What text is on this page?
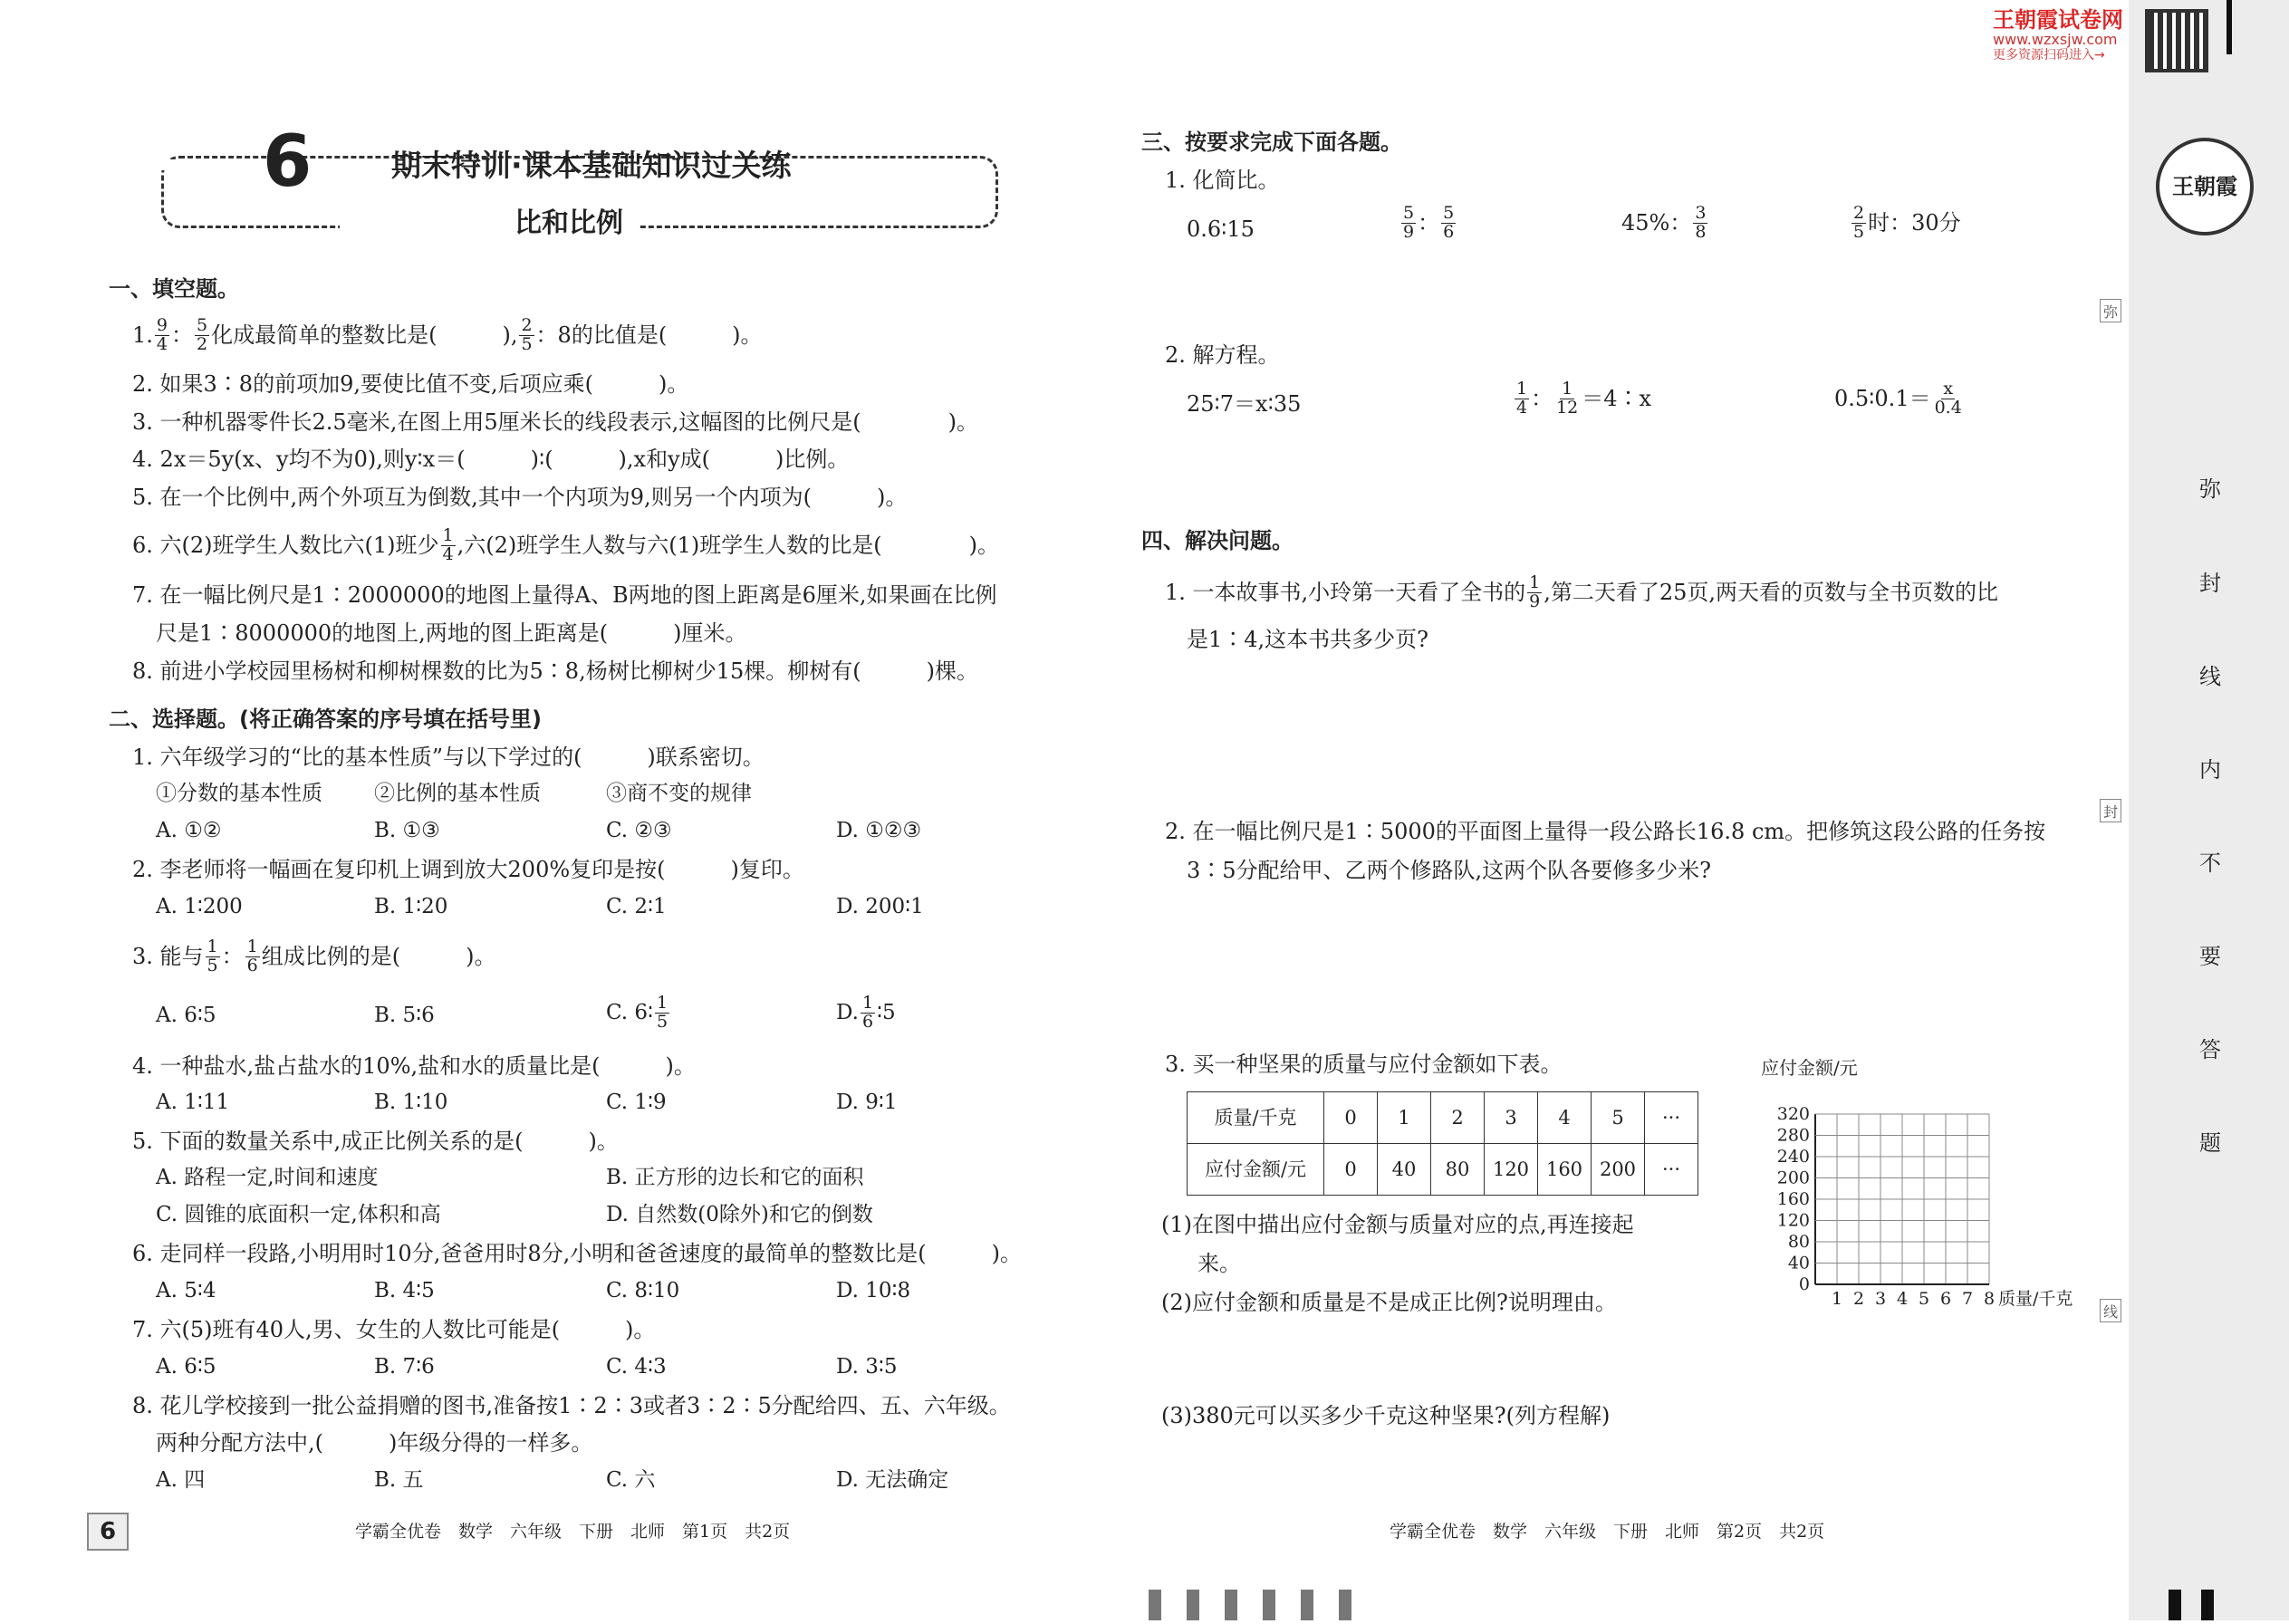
王朝霞试卷网
www.wzxsjw.com
更多资源扫码进入→
王朝霞
弥
封
线
内
不
要
答
题
弥
封
线
6	期末特训·课本基础知识过关练
比和比例
一、填空题。
1. 9
4 ： 5
2 化成最简单的整数比是(　　　), 2
5 ：8的比值是(　　　)。
2. 如果3∶8的前项加9,要使比值不变,后项应乘(　　　)。
3. 一种机器零件长2.5毫米,在图上用5厘米长的线段表示,这幅图的比例尺是(　　　　)。
4. 2x＝5y(x、y均不为0),则y∶x＝(　　　)∶(　　　),x和y成(　　　)比例。
5. 在一个比例中,两个外项互为倒数,其中一个内项为9,则另一个内项为(　　　)。
6. 六(2)班学生人数比六(1)班少 1
4 ,六(2)班学生人数与六(1)班学生人数的比是(　　　　)。
7. 在一幅比例尺是1∶2000000的地图上量得A、B两地的图上距离是6厘米,如果画在比例
尺是1∶8000000的地图上,两地的图上距离是(　　　)厘米。
8. 前进小学校园里杨树和柳树棵数的比为5∶8,杨树比柳树少15棵。柳树有(　　　)棵。
二、选择题。(将正确答案的序号填在括号里)
1. 六年级学习的“比的基本性质”与以下学过的(　　　)联系密切。
①分数的基本性质 ②比例的基本性质	③商不变的规律
A. ①②	B. ①③	C. ②③	D. ①②③
2. 李老师将一幅画在复印机上调到放大200%复印是按(　　　)复印。
A. 1∶200	B. 1∶20	C. 2∶1	D. 200∶1
3. 能与 1
5 ： 1
6 组成比例的是(　　　)。
A. 6∶5	B. 5∶6	C. 6∶ 1
5	D. 1
6 ∶5
4. 一种盐水,盐占盐水的10%,盐和水的质量比是(　　　)。
A. 1∶11	B. 1∶10	C. 1∶9	D. 9∶1
5. 下面的数量关系中,成正比例关系的是(　　　)。
A. 路程一定,时间和速度	B. 正方形的边长和它的面积
C. 圆锥的底面积一定,体积和高	D. 自然数(0除外)和它的倒数
6. 走同样一段路,小明用时10分,爸爸用时8分,小明和爸爸速度的最简单的整数比是(　　　)。
A. 5∶4	B. 4∶5	C. 8∶10	D. 10∶8
7. 六(5)班有40人,男、女生的人数比可能是(　　　)。
A. 6∶5	B. 7∶6	C. 4∶3	D. 3∶5
8. 花儿学校接到一批公益捐赠的图书,准备按1∶2∶3或者3∶2∶5分配给四、五、六年级。
两种分配方法中,(　　　)年级分得的一样多。
A. 四	B. 五	C. 六	D. 无法确定
6	学霸全优卷　数学　六年级　下册　北师　第1页　共2页
三、按要求完成下面各题。
1. 化简比。
0.6∶15
5
9 ： 5
6	45%： 3
8
2
5 时：30分
2. 解方程。
25∶7＝x∶35
1
4 ： 1
12 ＝4∶x	0.5∶0.1＝ x
0.4
四、解决问题。
1. 一本故事书,小玲第一天看了全书的 1
9 ,第二天看了25页,两天看的页数与全书页数的比
是1∶4,这本书共多少页?
2. 在一幅比例尺是1∶5000的平面图上量得一段公路长16.8 cm。把修筑这段公路的任务按
3∶5分配给甲、乙两个修路队,这两个队各要修多少米?
3. 买一种坚果的质量与应付金额如下表。
质量/千克	0	1	2	3	4	5	···
应付金额/元	0	40	80	120	160	200	···
(1)在图中描出应付金额与质量对应的点,再连接起
来。
(2)应付金额和质量是不是成正比例?说明理由。
(3)380元可以买多少千克这种坚果?(列方程解)
应付金额/元
0
40
80
120
160
200
240
280
320
1 2 3 4 5 6 7 8 质量/千克
学霸全优卷　数学　六年级　下册　北师　第2页　共2页
